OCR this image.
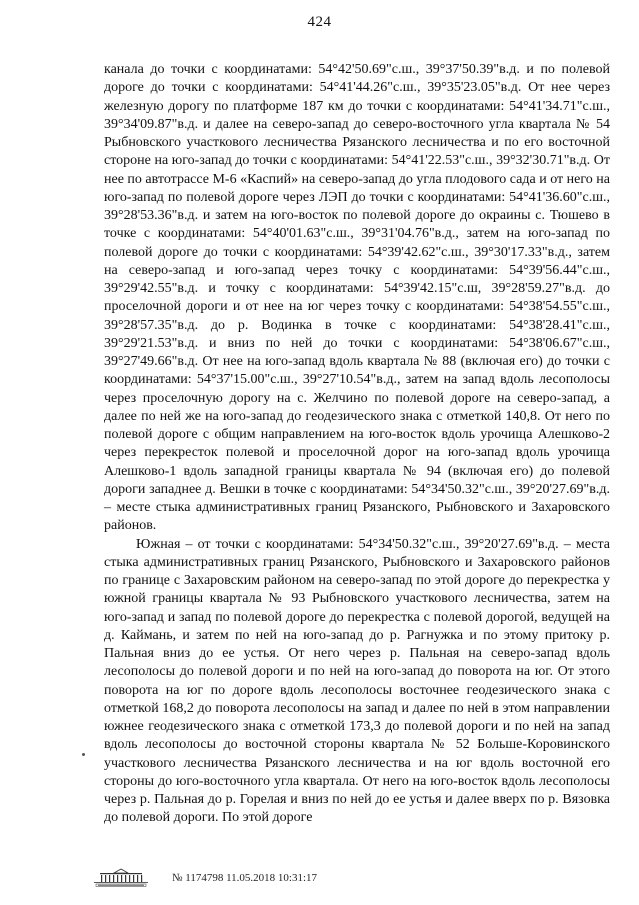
424

канала до точки с координатами: 54°42'50.69"с.ш., 39°37'50.39"в.д. и по полевой дороге до точки с координатами: 54°41'44.26"с.ш., 39°35'23.05"в.д. От нее через железную дорогу по платформе 187 км до точки с координатами: 54°41'34.71"с.ш., 39°34'09.87"в.д. и далее на северо-запад до северо-восточного угла квартала № 54 Рыбновского участкового лесничества Рязанского лесничества и по его восточной стороне на юго-запад до точки с координатами: 54°41'22.53"с.ш., 39°32'30.71"в.д. От нее по автотрассе М-6 «Каспий» на северо-запад до угла плодового сада и от него на юго-запад по полевой дороге через ЛЭП до точки с координатами: 54°41'36.60"с.ш., 39°28'53.36"в.д. и затем на юго-восток по полевой дороге до окраины с. Тюшево в точке с координатами: 54°40'01.63"с.ш., 39°31'04.76"в.д., затем на юго-запад по полевой дороге до точки с координатами: 54°39'42.62"с.ш., 39°30'17.33"в.д., затем на северо-запад и юго-запад через точку с координатами: 54°39'56.44"с.ш., 39°29'42.55"в.д. и точку с координатами: 54°39'42.15"с.ш, 39°28'59.27"в.д. до проселочной дороги и от нее на юг через точку с координатами: 54°38'54.55"с.ш., 39°28'57.35"в.д. до р. Водинка в точке с координатами: 54°38'28.41"с.ш., 39°29'21.53"в.д. и вниз по ней до точки с координатами: 54°38'06.67"с.ш., 39°27'49.66"в.д. От нее на юго-запад вдоль квартала № 88 (включая его) до точки с координатами: 54°37'15.00"с.ш., 39°27'10.54"в.д., затем на запад вдоль лесополосы через проселочную дорогу на с. Желчино по полевой дороге на северо-запад, а далее по ней же на юго-запад до геодезического знака с отметкой 140,8. От него по полевой дороге с общим направлением на юго-восток вдоль урочища Алешково-2 через перекресток полевой и проселочной дорог на юго-запад вдоль урочища Алешково-1 вдоль западной границы квартала № 94 (включая его) до полевой дороги западнее д. Вешки в точке с координатами: 54°34'50.32"с.ш., 39°20'27.69"в.д. – месте стыка административных границ Рязанского, Рыбновского и Захаровского районов.

Южная – от точки с координатами: 54°34'50.32"с.ш., 39°20'27.69"в.д. – места стыка административных границ Рязанского, Рыбновского и Захаровского районов по границе с Захаровским районом на северо-запад по этой дороге до перекрестка у южной границы квартала № 93 Рыбновского участкового лесничества, затем на юго-запад и запад по полевой дороге до перекрестка с полевой дорогой, ведущей на д. Каймань, и затем по ней на юго-запад до р. Рагнужка и по этому притоку р. Пальная вниз до ее устья. От него через р. Пальная на северо-запад вдоль лесополосы до полевой дороги и по ней на юго-запад до поворота на юг. От этого поворота на юг по дороге вдоль лесополосы восточнее геодезического знака с отметкой 168,2 до поворота лесополосы на запад и далее по ней в этом направлении южнее геодезического знака с отметкой 173,3 до полевой дороги и по ней на запад вдоль лесополосы до восточной стороны квартала № 52 Больше-Коровинского участкового лесничества Рязанского лесничества и на юг вдоль восточной его стороны до юго-восточного угла квартала. От него на юго-восток вдоль лесополосы через р. Пальная до р. Горелая и вниз по ней до ее устья и далее вверх по р. Вязовка до полевой дороги. По этой дороге

№ 1174798 11.05.2018 10:31:17
